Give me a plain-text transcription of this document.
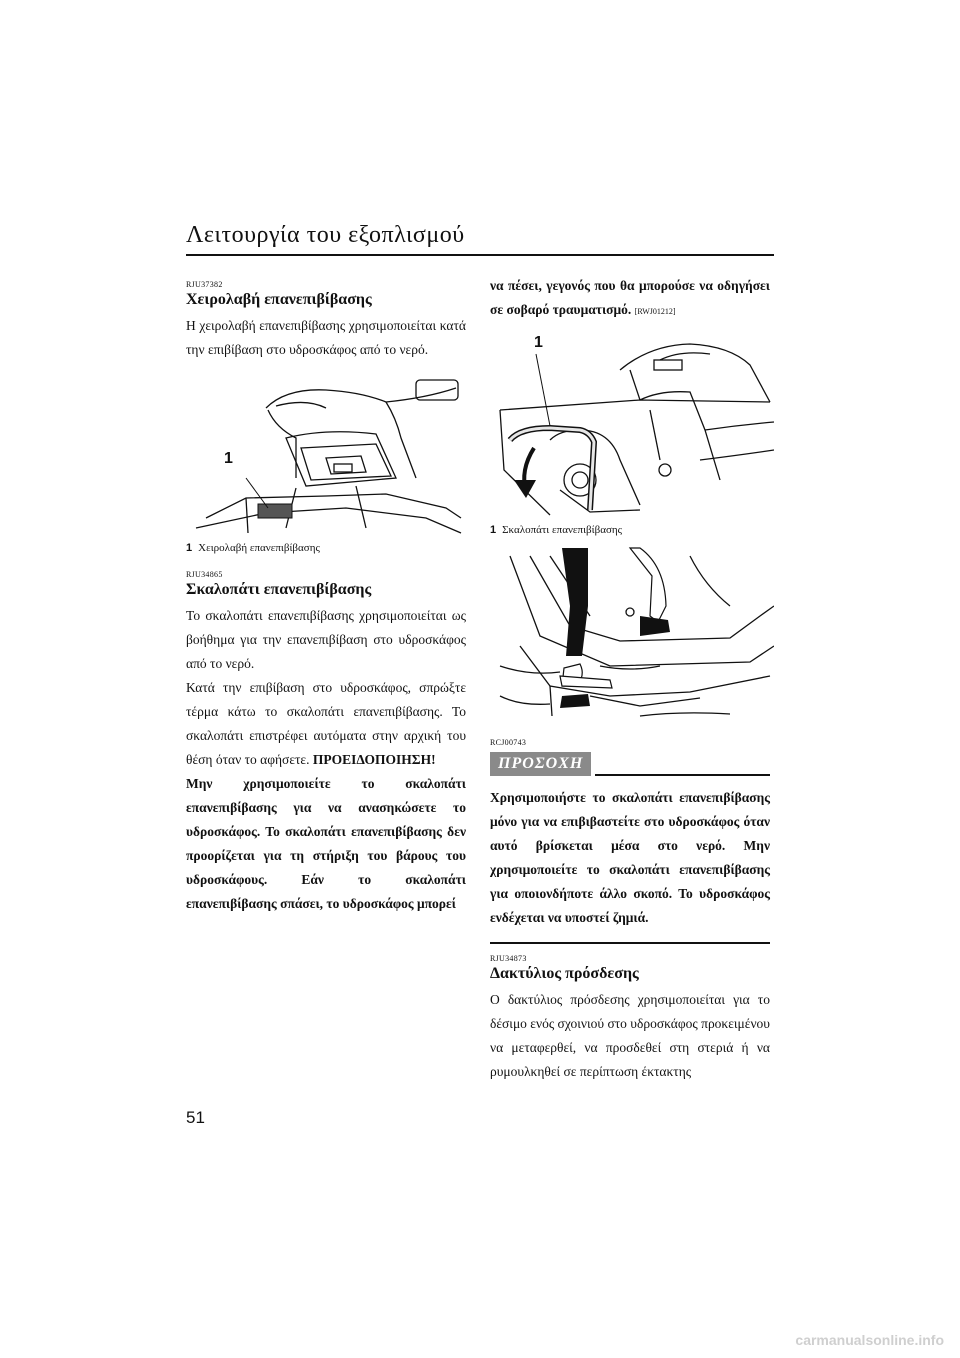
Λειτουργία του εξοπλισμού
RJU37382
Χειρολαβή επανεπιβίβασης

Η χειρολαβή επανεπιβίβασης χρησιμοποιείται κατά την επιβίβαση στο υδροσκάφος από το νερό.

1
1 Χειρολαβή επανεπιβίβασης
RJU34865
Σκαλοπάτι επανεπιβίβασης

Το σκαλοπάτι επανεπιβίβασης χρησιμοποιείται ως βοήθημα για την επανεπιβίβαση στο υδροσκάφος από το νερό.

Κατά την επιβίβαση στο υδροσκάφος, σπρώξτε τέρμα κάτω το σκαλοπάτι επανεπιβίβασης. Το σκαλοπάτι επιστρέφει αυτόματα στην αρχική του θέση όταν το αφήσετε. ΠΡΟΕΙΔΟΠΟΙΗΣΗ!

Μην χρησιμοποιείτε το σκαλοπάτι επανεπιβίβασης για να ανασηκώσετε το υδροσκάφος. Το σκαλοπάτι επανεπιβίβασης δεν προορίζεται για τη στήριξη του βάρους του υδροσκάφους. Εάν το σκαλοπάτι επανεπιβίβασης σπάσει, το υδροσκάφος μπορεί

να πέσει, γεγονός που θα μπορούσε να οδηγήσει σε σοβαρό τραυματισμό. [RWJ01212]

1
1 Σκαλοπάτι επανεπιβίβασης
RCJ00743
ΠΡΟΣΟΧΗ

Χρησιμοποιήστε το σκαλοπάτι επανεπιβίβασης μόνο για να επιβιβαστείτε στο υδροσκάφος όταν αυτό βρίσκεται μέσα στο νερό. Μην χρησιμοποιείτε το σκαλοπάτι επανεπιβίβασης για οποιονδήποτε άλλο σκοπό. Το υδροσκάφος ενδέχεται να υποστεί ζημιά.

RJU34873
Δακτύλιος πρόσδεσης

Ο δακτύλιος πρόσδεσης χρησιμοποιείται για το δέσιμο ενός σχοινιού στο υδροσκάφος προκειμένου να μεταφερθεί, να προσδεθεί στη στεριά ή να ρυμουλκηθεί σε περίπτωση έκτακτης

51
carmanualsonline.info
